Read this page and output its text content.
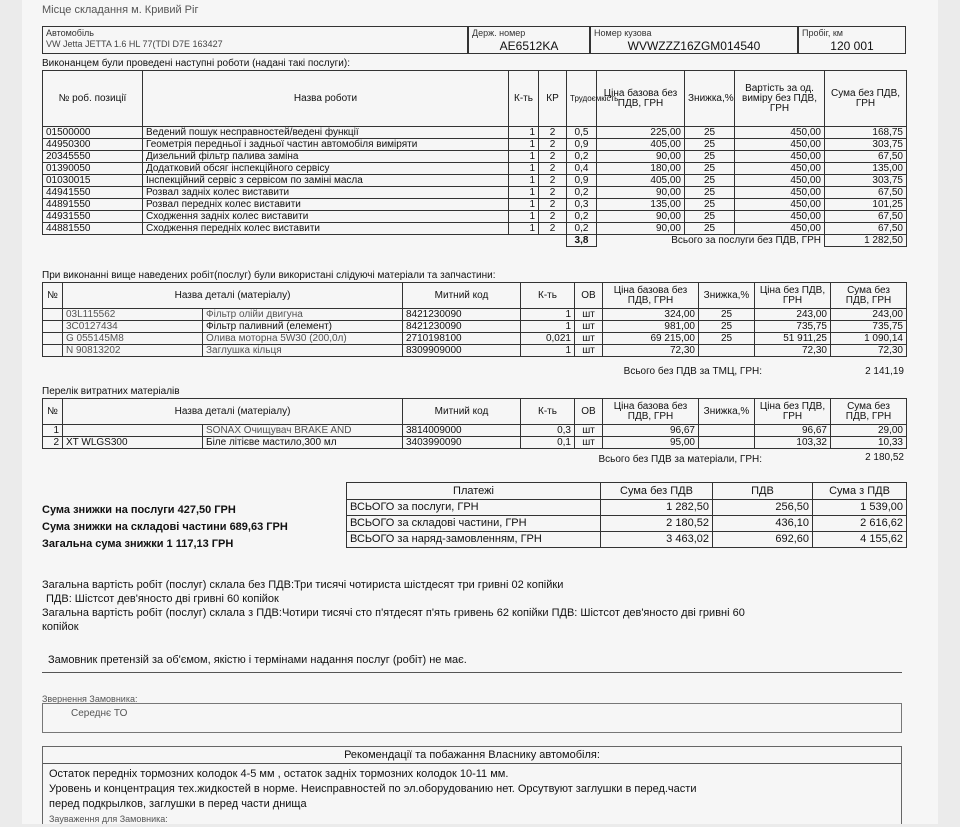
Місце складання м. Кривий Ріг
Автомобіль
VW Jetta JETTA 1.6 HL 77(TDI D7E 163427
Держ. номер
AE6512KA
Номер кузова
WVWZZZ16ZGM014540
Пробіг, км
120 001
Виконанцем були проведені наступні роботи (надані такі послуги):
№ роб. позиції	Назва роботи	К-ть	КР	Трудоємкість	Ціна базова без ПДВ, ГРН	Знижка,%	Вартість за од. виміру без ПДВ, ГРН	Сума без ПДВ, ГРН
01500000	Ведений пошук несправностей/ведені функції	1	2	0,5	225,00	25	450,00	168,75
44950300	Геометрія передньої і задньої частин автомобіля виміряти	1	2	0,9	405,00	25	450,00	303,75
20345550	Дизельний фільтр палива заміна	1	2	0,2	90,00	25	450,00	67,50
01390050	Додатковий обсяг інспекційного сервісу	1	2	0,4	180,00	25	450,00	135,00
01030015	Інспекційний сервіс з сервісом по заміні масла	1	2	0,9	405,00	25	450,00	303,75
44941550	Розвал задніх колес виставити	1	2	0,2	90,00	25	450,00	67,50
44891550	Розвал передніх колес виставити	1	2	0,3	135,00	25	450,00	101,25
44931550	Сходження задніх колес виставити	1	2	0,2	90,00	25	450,00	67,50
44881550	Сходження передніх колес виставити	1	2	0,2	90,00	25	450,00	67,50
				3,8	Всього за послуги без ПДВ, ГРН			1 282,50
При виконанні вище наведених робіт(послуг) були використані слідуючі матеріали та запчастини:
№	Назва деталі (матеріалу)		Митний код	К-ть	ОВ	Ціна базова без ПДВ, ГРН	Знижка,%	Ціна без ПДВ, ГРН	Сума без ПДВ, ГРН
	03L115562	Фільтр олійи двигуна	8421230090	1	шт	324,00	25	243,00	243,00
	3C0127434	Фільтр паливний (елемент)	8421230090	1	шт	981,00	25	735,75	735,75
	G 055145M8	Олива моторна 5W30 (200,0л)	2710198100	0,021	шт	69 215,00	25	51 911,25	1 090,14
	N 90813202	Заглушка кільця	8309909000	1	шт	72,30		72,30	72,30
Всього без ПДВ за ТМЦ, ГРН:	2 141,19
Перелік витратних матеріалів
№	Назва деталі (матеріалу)		Митний код	К-ть	ОВ	Ціна базова без ПДВ, ГРН	Знижка,%	Ціна без ПДВ, ГРН	Сума без ПДВ, ГРН
1		SONAX Очищувач BRAKE AND	3814009000	0,3	шт	96,67		96,67	29,00
2	XT WLGS300	Біле літієве мастило,300 мл	3403990090	0,1	шт	95,00		103,32	10,33
Всього без ПДВ за матеріали, ГРН:	2 180,52
Сума знижки на послуги 427,50 ГРН
Сума знижки на складові частини 689,63 ГРН
Загальна сума знижки 1 117,13 ГРН
Платежі	Сума без ПДВ	ПДВ	Сума з ПДВ
ВСЬОГО за послуги, ГРН	1 282,50	256,50	1 539,00
ВСЬОГО за складові частини, ГРН	2 180,52	436,10	2 616,62
ВСЬОГО за наряд-замовленням, ГРН	3 463,02	692,60	4 155,62
Загальна вартість робіт (послуг) склала без ПДВ:Три тисячі чотириста шістдесят три гривні 02 копійки
ПДВ: Шістсот дев'яносто дві гривні 60 копійок
Загальна вартість робіт (послуг) склала з ПДВ:Чотири тисячі сто п'ятдесят п'ять гривень 62 копійки ПДВ: Шістсот дев'яносто дві гривні 60
копійок
Замовник претензій за об'ємом, якістю і термінами надання послуг (робіт) не має.
Звернення Замовника:
Середнє ТО
Рекомендації та побажання Власнику автомобіля:
Остаток передніх тормозних колодок 4-5 мм , остаток задніх тормозних колодок 10-11 мм.
Уровень и концентрация тех.жидкостей в норме. Неисправностей по эл.оборудованию нет. Орсутвуют заглушки в перед.части
перед подкрылков, заглушки в перед части днища
Зауваження для Замовника:
